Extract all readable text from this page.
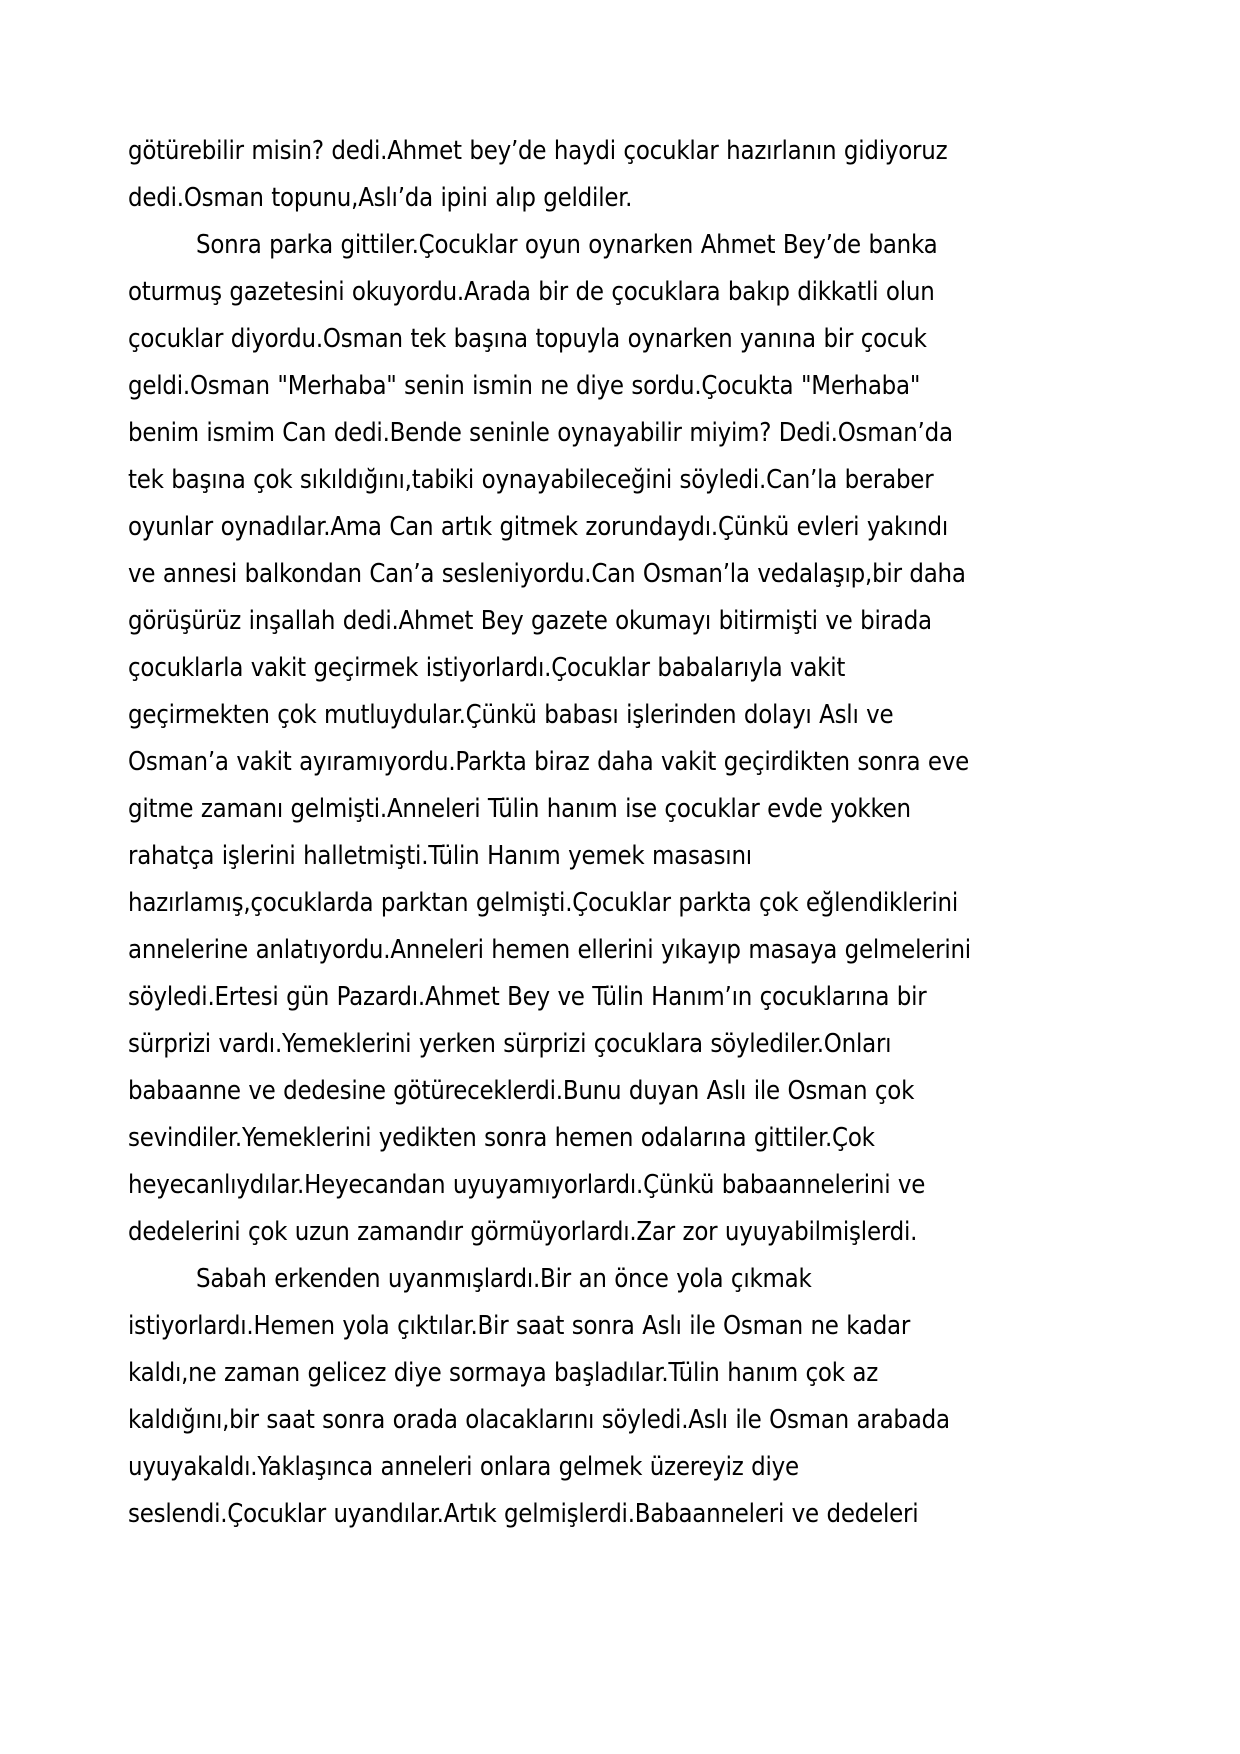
götürebilir misin? dedi.Ahmet bey’de haydi çocuklar hazırlanın gidiyoruz dedi.Osman topunu,Aslı’da ipini alıp geldiler.

Sonra parka gittiler.Çocuklar oyun oynarken Ahmet Bey’de banka oturmuş gazetesini okuyordu.Arada bir de çocuklara bakıp dikkatli olun çocuklar diyordu.Osman tek başına topuyla oynarken yanına bir çocuk geldi.Osman "Merhaba" senin ismin ne diye sordu.Çocukta "Merhaba" benim ismim Can dedi.Bende seninle oynayabilir miyim? Dedi.Osman’da tek başına çok sıkıldığını,tabiki oynayabileceğini söyledi.Can’la beraber oyunlar oynadılar.Ama Can artık gitmek zorundaydı.Çünkü evleri yakındı ve annesi balkondan Can’a sesleniyordu.Can Osman’la vedalaşıp,bir daha görüşürüz inşallah dedi.Ahmet Bey gazete okumayı bitirmişti ve birada çocuklarla vakit geçirmek istiyorlardı.Çocuklar babalarıyla vakit geçirmekten çok mutluydular.Çünkü babası işlerinden dolayı Aslı ve Osman’a vakit ayıramıyordu.Parkta biraz daha vakit geçirdikten sonra eve gitme zamanı gelmişti.Anneleri Tülin hanım ise çocuklar evde yokken rahatça işlerini halletmişti.Tülin Hanım yemek masasını hazırlamış,çocuklarda parktan gelmişti.Çocuklar parkta çok eğlendiklerini annelerine anlatıyordu.Anneleri hemen ellerini yıkayıp masaya gelmelerini söyledi.Ertesi gün Pazardı.Ahmet Bey ve Tülin Hanım’ın çocuklarına bir sürprizi vardı.Yemeklerini yerken sürprizi çocuklara söylediler.Onları babaanne ve dedesine götüreceklerdi.Bunu duyan Aslı ile Osman çok sevindiler.Yemeklerini yedikten sonra hemen odalarına gittiler.Çok heyecanlıydılar.Heyecandan uyuyamıyorlardı.Çünkü babaannelerini ve dedelerini çok uzun zamandır görmüyorlardı.Zar zor uyuyabilmişlerdi.

Sabah erkenden uyanmışlardı.Bir an önce yola çıkmak istiyorlardı.Hemen yola çıktılar.Bir saat sonra Aslı ile Osman ne kadar kaldı,ne zaman gelicez diye sormaya başladılar.Tülin hanım çok az kaldığını,bir saat sonra orada olacaklarını söyledi.Aslı ile Osman arabada uyuyakaldı.Yaklaşınca anneleri onlara gelmek üzereyiz diye seslendi.Çocuklar uyandılar.Artık gelmişlerdi.Babaanneleri ve dedeleri
